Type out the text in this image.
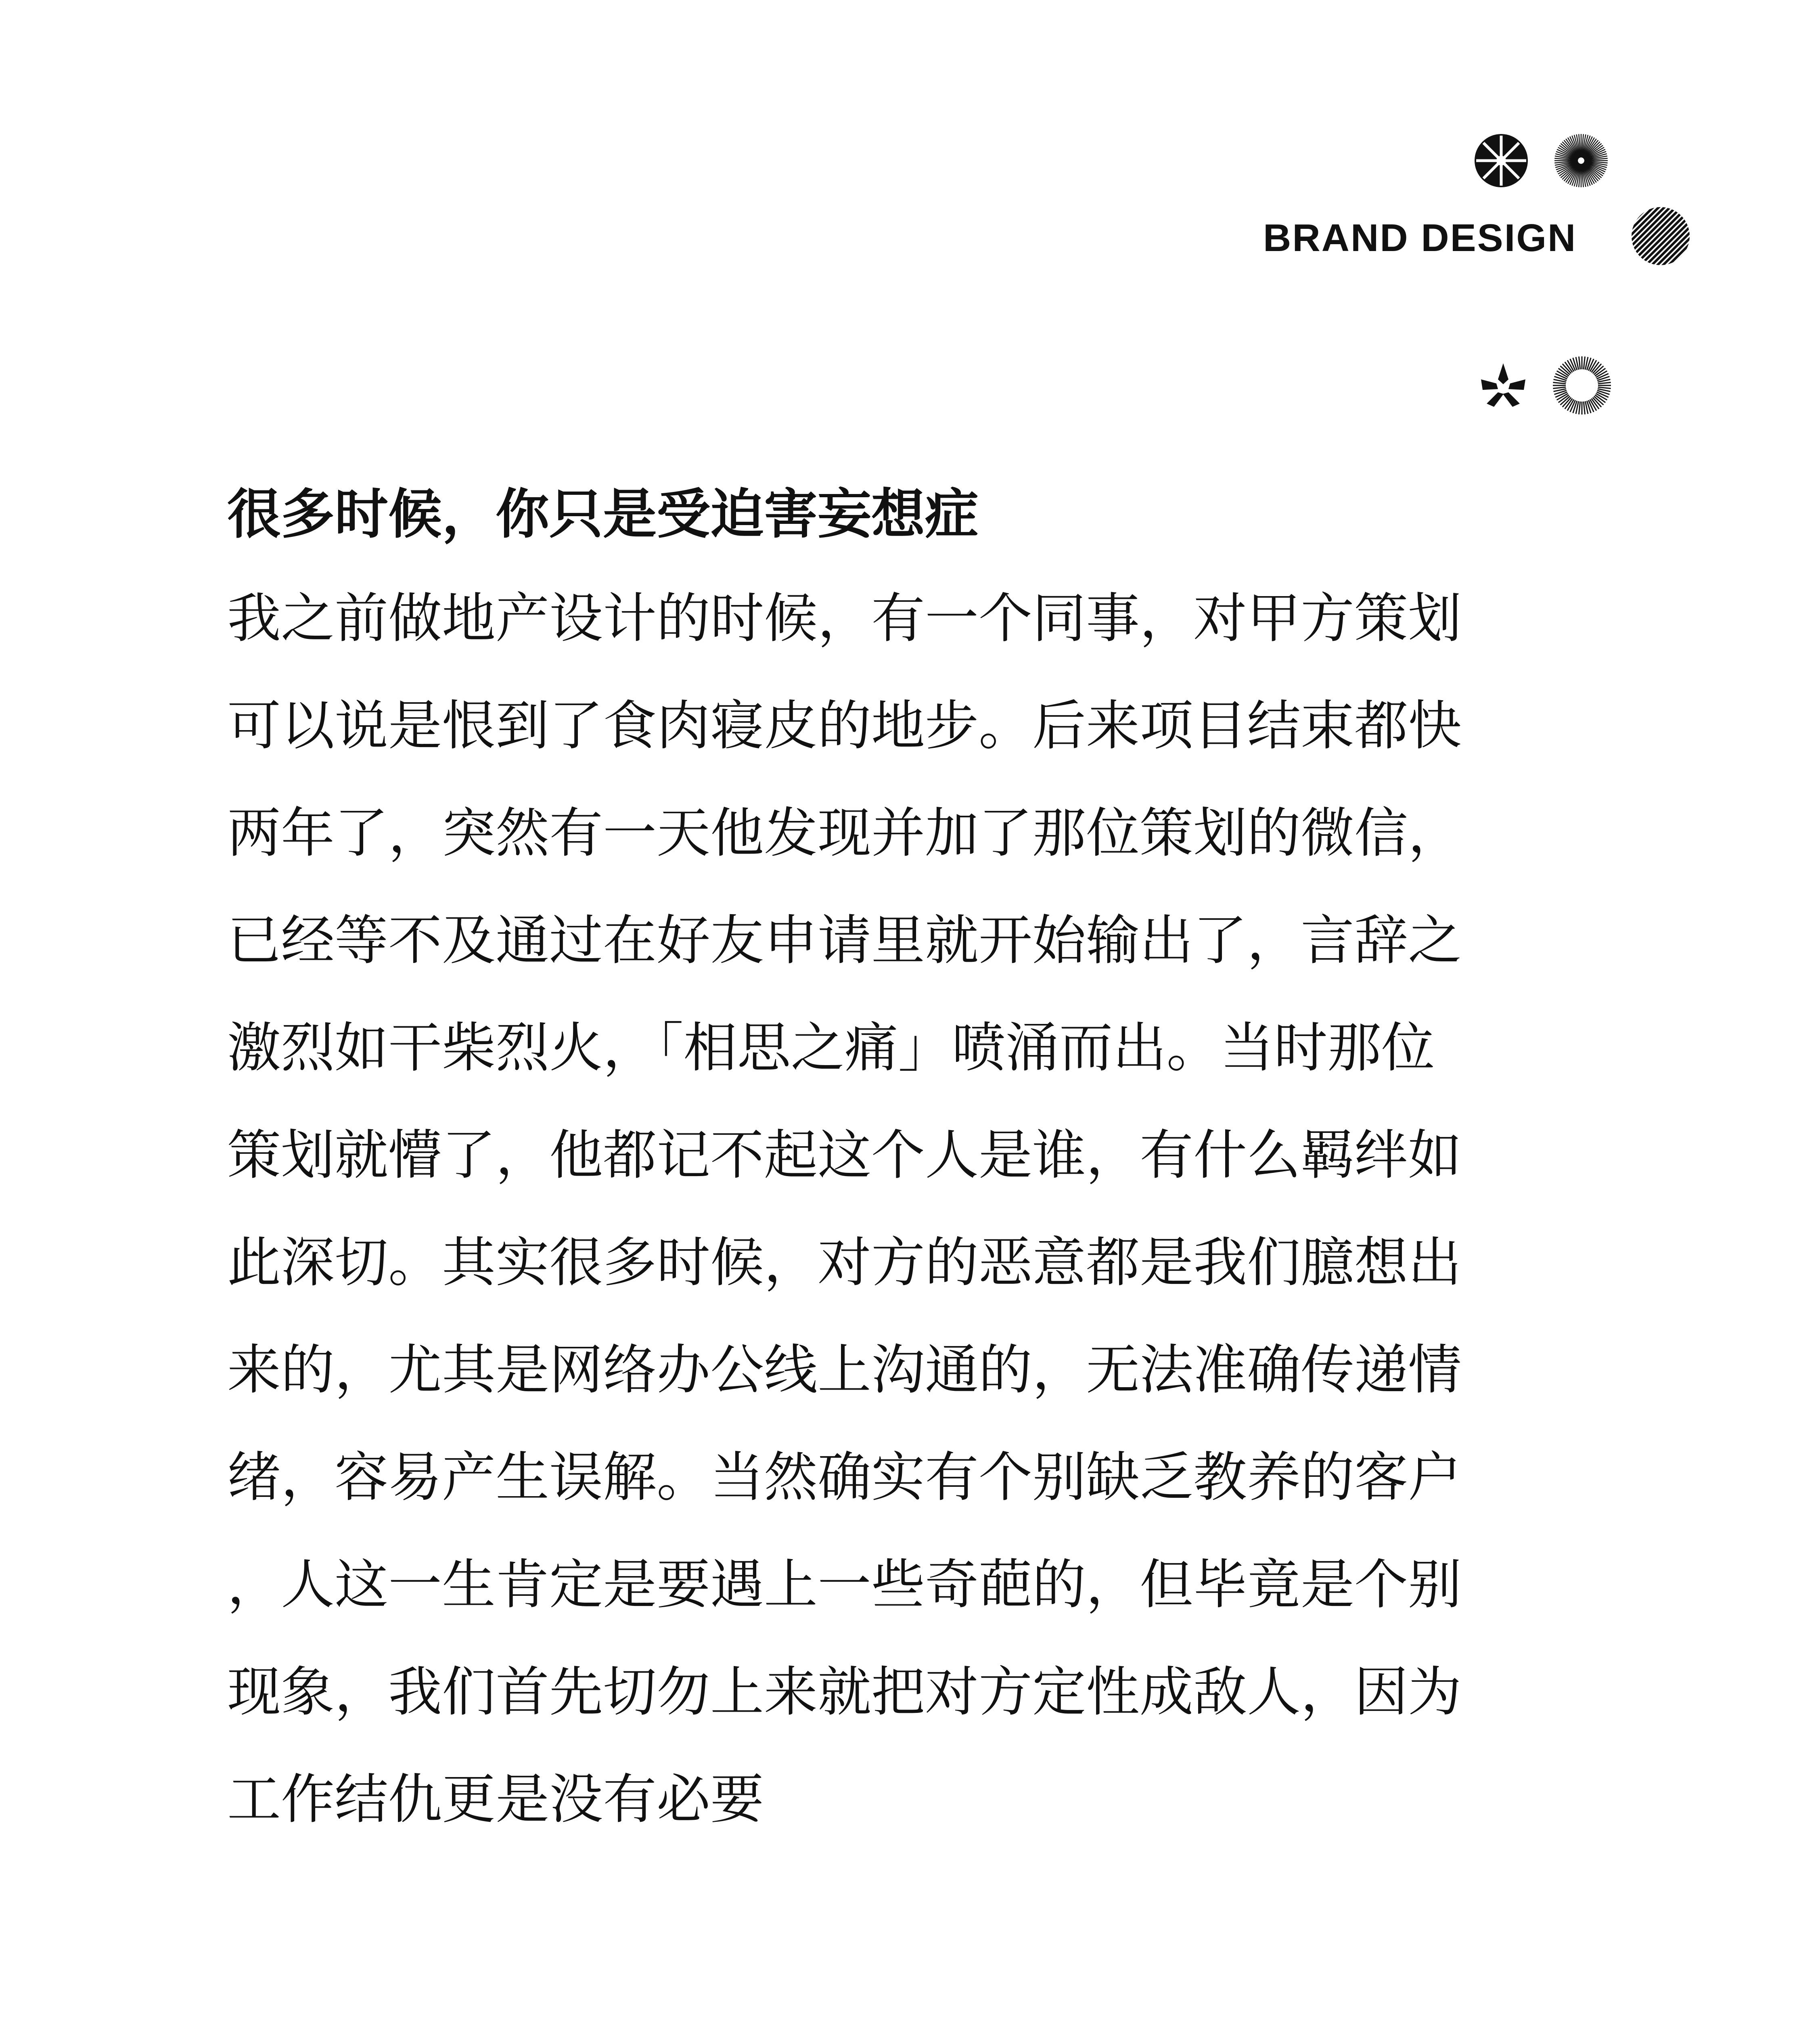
BRAND DESIGN
很多时候，你只是受迫害妄想症

我之前做地产设计的时候，有一个同事，对甲方策划

可以说是恨到了食肉寝皮的地步。后来项目结束都快

两年了，突然有一天他发现并加了那位策划的微信，

已经等不及通过在好友申请里就开始输出了，言辞之

激烈如干柴烈火，「相思之痛」喷涌而出。当时那位

策划就懵了，他都记不起这个人是谁，有什么羁绊如

此深切。其实很多时候，对方的恶意都是我们臆想出

来的，尤其是网络办公线上沟通的，无法准确传递情

绪，容易产生误解。当然确实有个别缺乏教养的客户

，人这一生肯定是要遇上一些奇葩的，但毕竟是个别

现象，我们首先切勿上来就把对方定性成敌人，因为

工作结仇更是没有必要
